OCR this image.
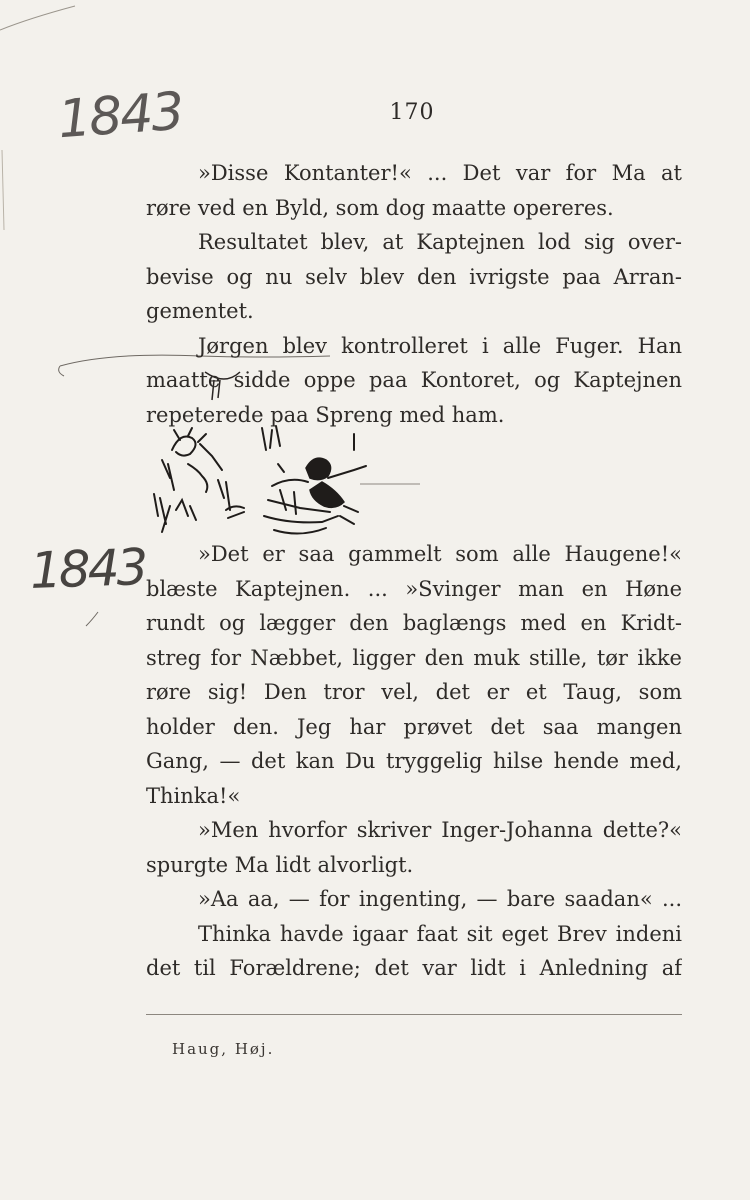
1843
1843
170
»Disse Kontanter!« ... Det var for Ma at
røre ved en Byld, som dog maatte opereres.
Resultatet blev, at Kaptejnen lod sig over-
bevise og nu selv blev den ivrigste paa Arran-
gementet.
Jørgen blev kontrolleret i alle Fuger. Han
maatte sidde oppe paa Kontoret, og Kaptejnen
repeterede paa Spreng med ham.
»Det er saa gammelt som alle Haugene!«
blæste Kaptejnen. ... »Svinger man en Høne
rundt og lægger den baglængs med en Kridt-
streg for Næbbet, ligger den muk stille, tør ikke
røre sig! Den tror vel, det er et Taug, som
holder den. Jeg har prøvet det saa mangen
Gang, — det kan Du tryggelig hilse hende med,
Thinka!«
»Men hvorfor skriver Inger-Johanna dette?«
spurgte Ma lidt alvorligt.
»Aa aa, — for ingenting, — bare saadan« ...
Thinka havde igaar faat sit eget Brev indeni
det til Forældrene; det var lidt i Anledning af
Haug, Høj.
